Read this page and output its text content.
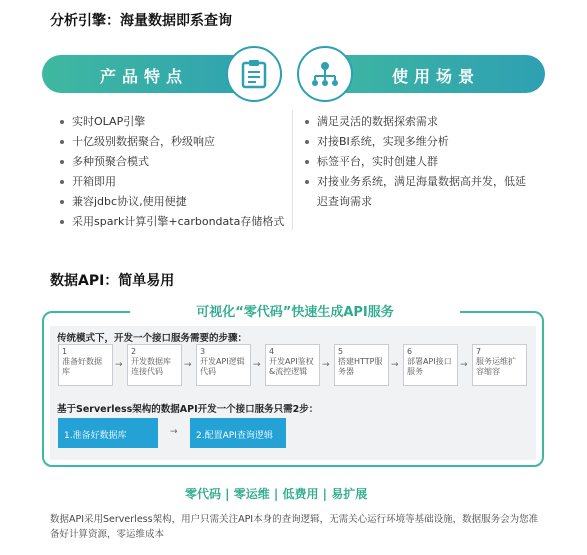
分析引擎：海量数据即系查询
产品特点	使用场景
实时OLAP引擎
十亿级别数据聚合，秒级响应
多种预聚合模式
开箱即用
兼容jdbc协议,使用便捷
采用spark计算引擎+carbondata存储格式
满足灵活的数据探索需求
对接BI系统，实现多维分析
标签平台，实时创建人群
对接业务系统，满足海量数据高并发，低延
迟查询需求
数据API：简单易用
可视化“零代码”快速生成API服务
传统模式下，开发一个接口服务需要的步骤：
1
准备好数据库
→
2
开发数据库连接代码
→
3
开发API逻辑代码
→
4
开发API鉴权&流控逻辑
→
5
搭建HTTP服务器
→
6
部署API接口服务
→
7
服务运维扩容缩容
基于Serverless架构的数据API开发一个接口服务只需2步：
1.准备好数据库	→	2.配置API查询逻辑
零代码 | 零运维 | 低费用 | 易扩展
数据API采用Serverless架构，用户只需关注API本身的查询逻辑，无需关心运行环境等基础设施，数据服务会为您准
备好计算资源，零运维成本
